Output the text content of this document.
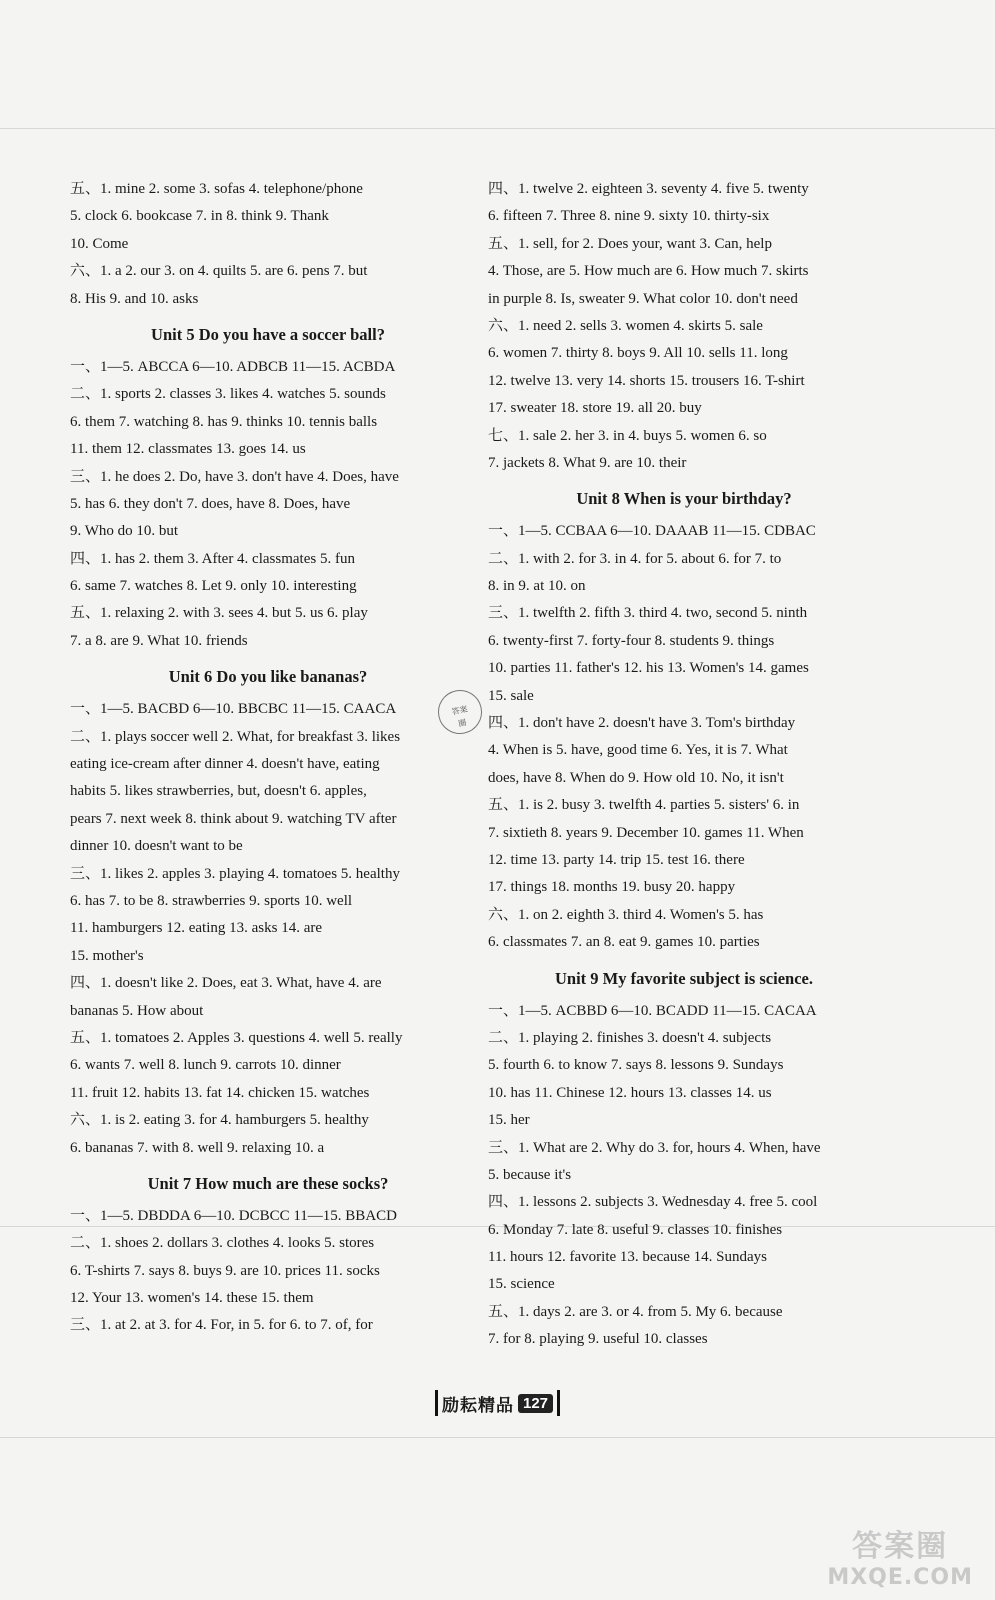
五、1. mine 2. some 3. sofas 4. telephone/phone
5. clock 6. bookcase 7. in 8. think 9. Thank
10. Come
六、1. a 2. our 3. on 4. quilts 5. are 6. pens 7. but
8. His 9. and 10. asks
Unit 5 Do you have a soccer ball?
一、1—5. ABCCA 6—10. ADBCB 11—15. ACBDA
二、1. sports 2. classes 3. likes 4. watches 5. sounds
6. them 7. watching 8. has 9. thinks 10. tennis balls
11. them 12. classmates 13. goes 14. us
三、1. he does 2. Do, have 3. don't have 4. Does, have
5. has 6. they don't 7. does, have 8. Does, have
9. Who do 10. but
四、1. has 2. them 3. After 4. classmates 5. fun
6. same 7. watches 8. Let 9. only 10. interesting
五、1. relaxing 2. with 3. sees 4. but 5. us 6. play
7. a 8. are 9. What 10. friends
Unit 6 Do you like bananas?
一、1—5. BACBD 6—10. BBCBC 11—15. CAACA
二、1. plays soccer well 2. What, for breakfast 3. likes
eating ice-cream after dinner 4. doesn't have, eating
habits 5. likes strawberries, but, doesn't 6. apples,
pears 7. next week 8. think about 9. watching TV after
dinner 10. doesn't want to be
三、1. likes 2. apples 3. playing 4. tomatoes 5. healthy
6. has 7. to be 8. strawberries 9. sports 10. well
11. hamburgers 12. eating 13. asks 14. are
15. mother's
四、1. doesn't like 2. Does, eat 3. What, have 4. are
bananas 5. How about
五、1. tomatoes 2. Apples 3. questions 4. well 5. really
6. wants 7. well 8. lunch 9. carrots 10. dinner
11. fruit 12. habits 13. fat 14. chicken 15. watches
六、1. is 2. eating 3. for 4. hamburgers 5. healthy
6. bananas 7. with 8. well 9. relaxing 10. a
Unit 7 How much are these socks?
一、1—5. DBDDA 6—10. DCBCC 11—15. BBACD
二、1. shoes 2. dollars 3. clothes 4. looks 5. stores
6. T-shirts 7. says 8. buys 9. are 10. prices 11. socks
12. Your 13. women's 14. these 15. them
三、1. at 2. at 3. for 4. For, in 5. for 6. to 7. of, for
四、1. twelve 2. eighteen 3. seventy 4. five 5. twenty
6. fifteen 7. Three 8. nine 9. sixty 10. thirty-six
五、1. sell, for 2. Does your, want 3. Can, help
4. Those, are 5. How much are 6. How much 7. skirts
in purple 8. Is, sweater 9. What color 10. don't need
六、1. need 2. sells 3. women 4. skirts 5. sale
6. women 7. thirty 8. boys 9. All 10. sells 11. long
12. twelve 13. very 14. shorts 15. trousers 16. T-shirt
17. sweater 18. store 19. all 20. buy
七、1. sale 2. her 3. in 4. buys 5. women 6. so
7. jackets 8. What 9. are 10. their
Unit 8 When is your birthday?
一、1—5. CCBAA 6—10. DAAAB 11—15. CDBAC
二、1. with 2. for 3. in 4. for 5. about 6. for 7. to
8. in 9. at 10. on
三、1. twelfth 2. fifth 3. third 4. two, second 5. ninth
6. twenty-first 7. forty-four 8. students 9. things
10. parties 11. father's 12. his 13. Women's 14. games
15. sale
四、1. don't have 2. doesn't have 3. Tom's birthday
4. When is 5. have, good time 6. Yes, it is 7. What
does, have 8. When do 9. How old 10. No, it isn't
五、1. is 2. busy 3. twelfth 4. parties 5. sisters' 6. in
7. sixtieth 8. years 9. December 10. games 11. When
12. time 13. party 14. trip 15. test 16. there
17. things 18. months 19. busy 20. happy
六、1. on 2. eighth 3. third 4. Women's 5. has
6. classmates 7. an 8. eat 9. games 10. parties
Unit 9 My favorite subject is science.
一、1—5. ACBBD 6—10. BCADD 11—15. CACAA
二、1. playing 2. finishes 3. doesn't 4. subjects
5. fourth 6. to know 7. says 8. lessons 9. Sundays
10. has 11. Chinese 12. hours 13. classes 14. us
15. her
三、1. What are 2. Why do 3. for, hours 4. When, have
5. because it's
四、1. lessons 2. subjects 3. Wednesday 4. free 5. cool
6. Monday 7. late 8. useful 9. classes 10. finishes
11. hours 12. favorite 13. because 14. Sundays
15. science
五、1. days 2. are 3. or 4. from 5. My 6. because
7. for 8. playing 9. useful 10. classes

答案
圈
励耘精品 127
答案圈
MXQE.COM
